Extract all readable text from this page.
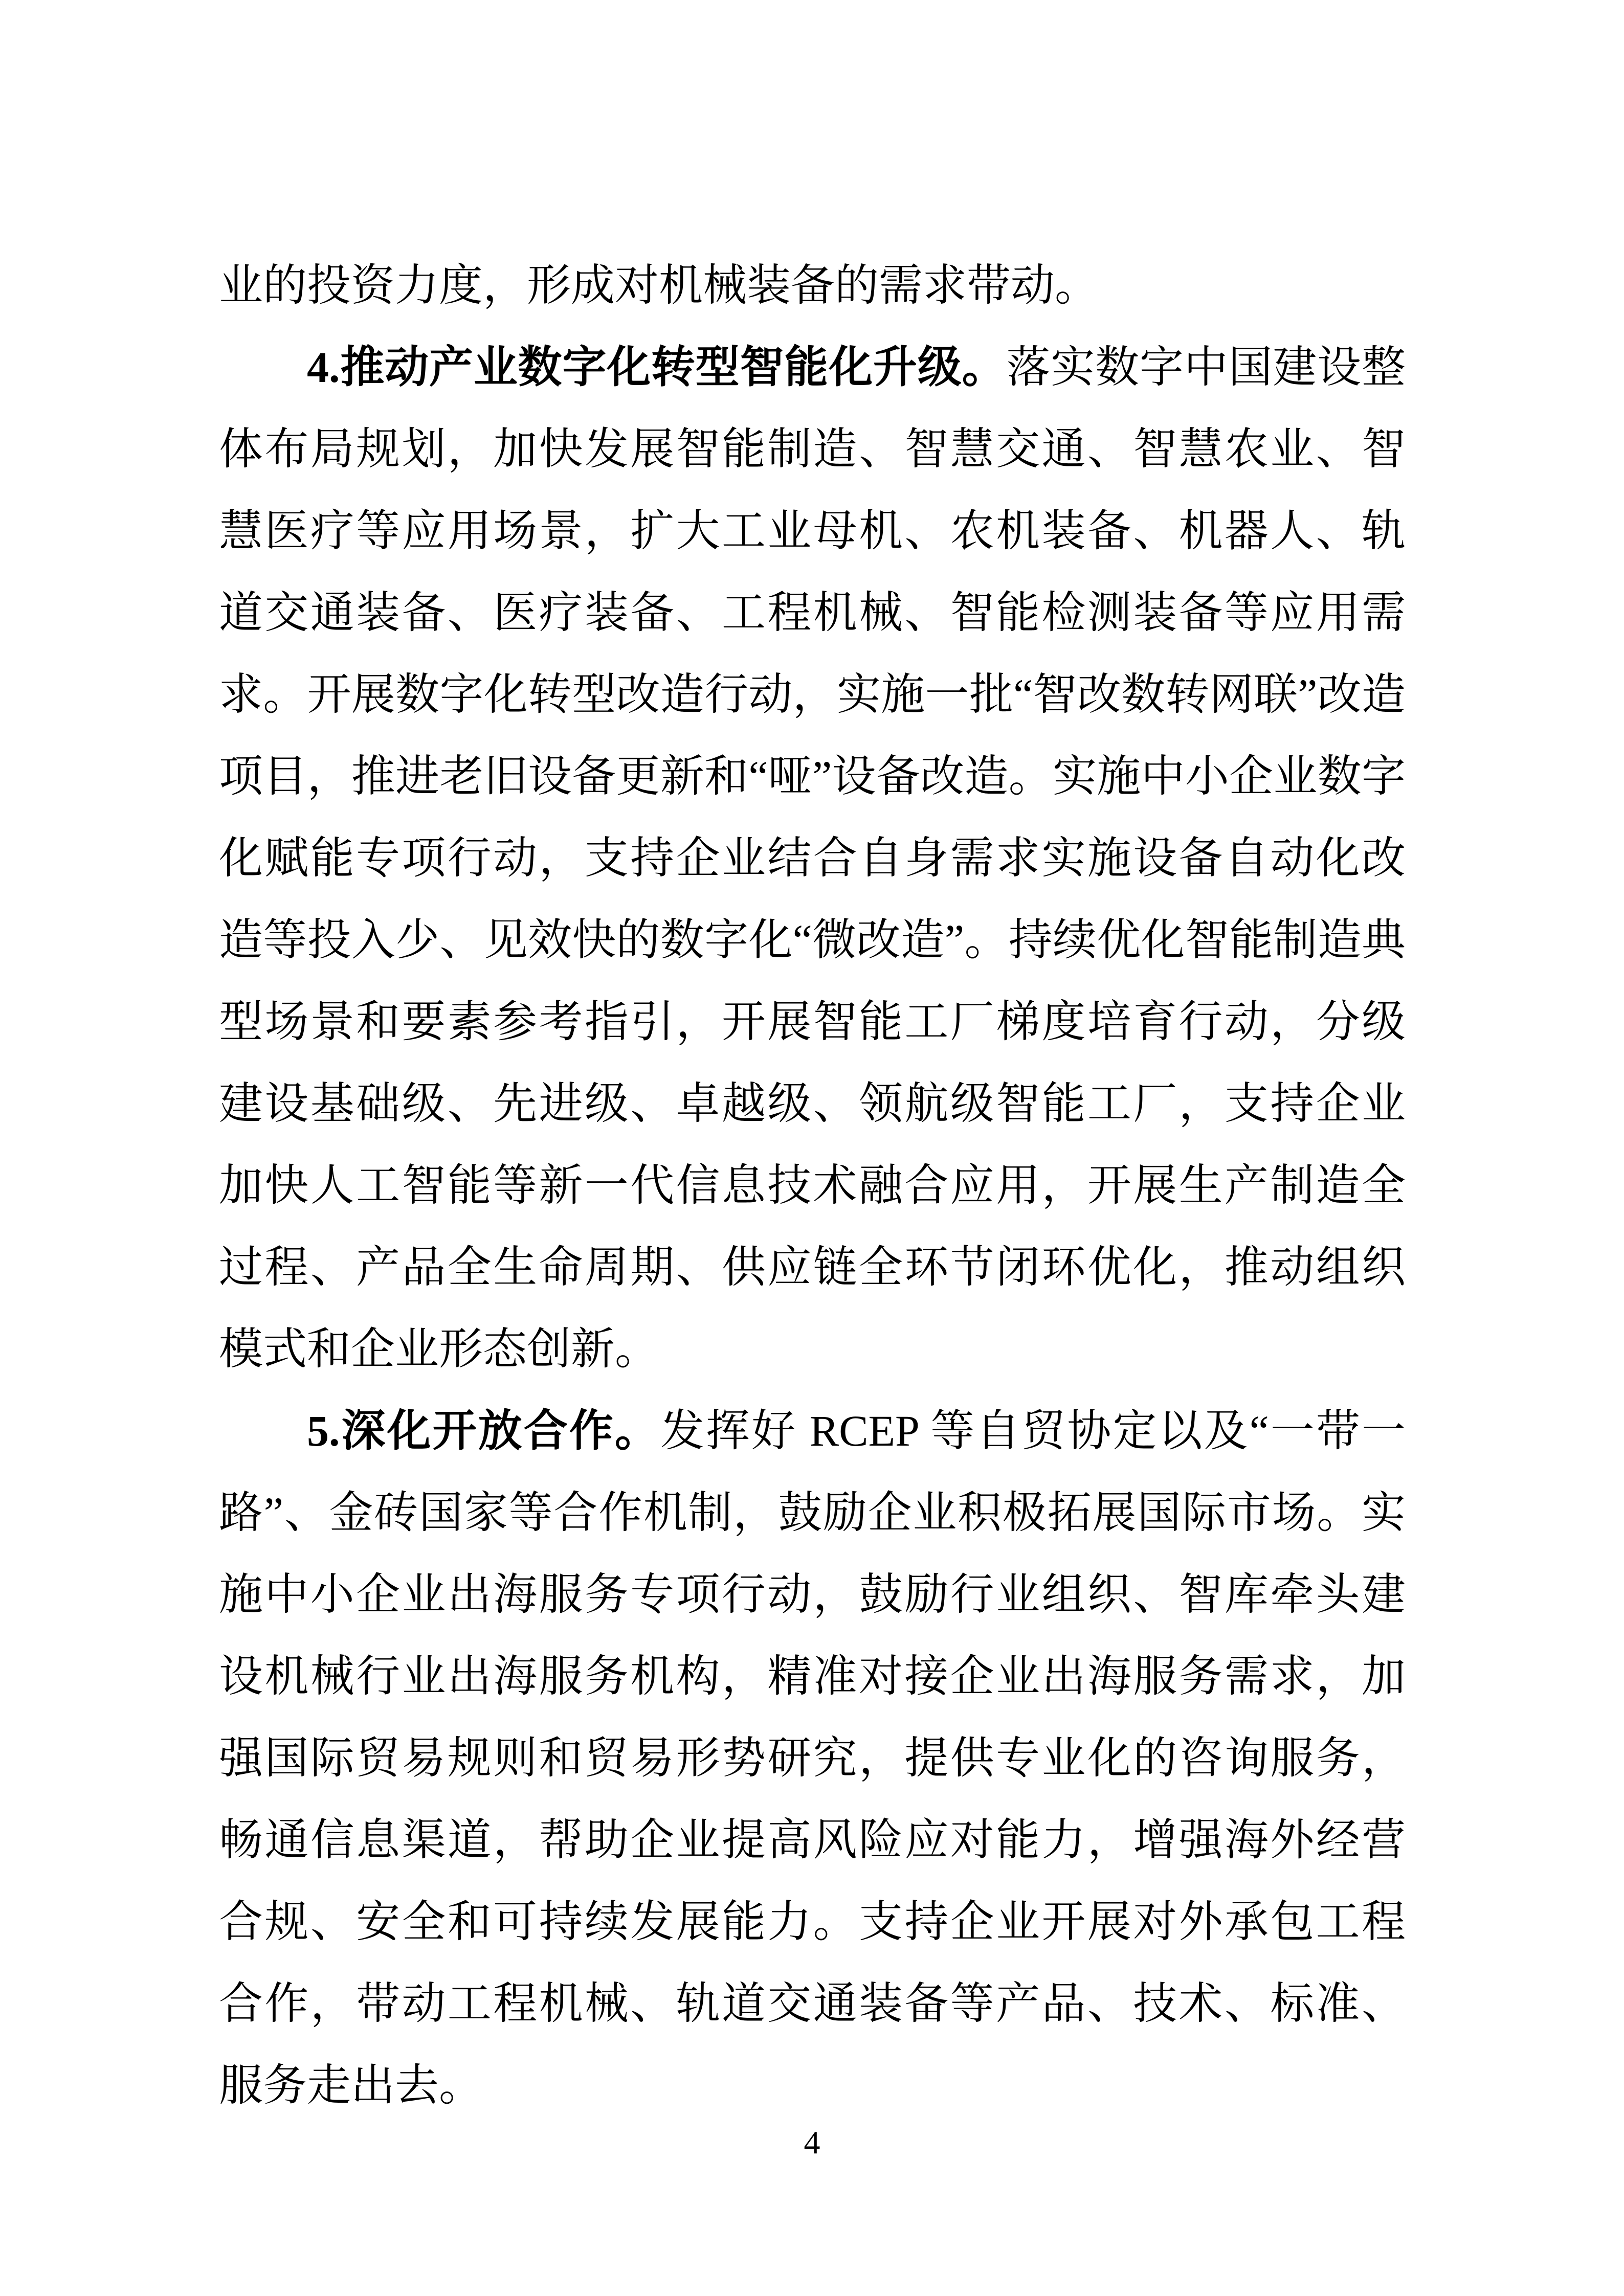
业的投资力度，形成对机械装备的需求带动。

4.推动产业数字化转型智能化升级。落实数字中国建设整体布局规划，加快发展智能制造、智慧交通、智慧农业、智慧医疗等应用场景，扩大工业母机、农机装备、机器人、轨道交通装备、医疗装备、工程机械、智能检测装备等应用需求。开展数字化转型改造行动，实施一批“智改数转网联”改造项目，推进老旧设备更新和“哑”设备改造。实施中小企业数字化赋能专项行动，支持企业结合自身需求实施设备自动化改造等投入少、见效快的数字化“微改造”。持续优化智能制造典型场景和要素参考指引，开展智能工厂梯度培育行动，分级建设基础级、先进级、卓越级、领航级智能工厂，支持企业加快人工智能等新一代信息技术融合应用，开展生产制造全过程、产品全生命周期、供应链全环节闭环优化，推动组织模式和企业形态创新。

5.深化开放合作。发挥好 RCEP 等自贸协定以及“一带一路”、金砖国家等合作机制，鼓励企业积极拓展国际市场。实施中小企业出海服务专项行动，鼓励行业组织、智库牵头建设机械行业出海服务机构，精准对接企业出海服务需求，加强国际贸易规则和贸易形势研究，提供专业化的咨询服务，畅通信息渠道，帮助企业提高风险应对能力，增强海外经营合规、安全和可持续发展能力。支持企业开展对外承包工程合作，带动工程机械、轨道交通装备等产品、技术、标准、服务走出去。

4
